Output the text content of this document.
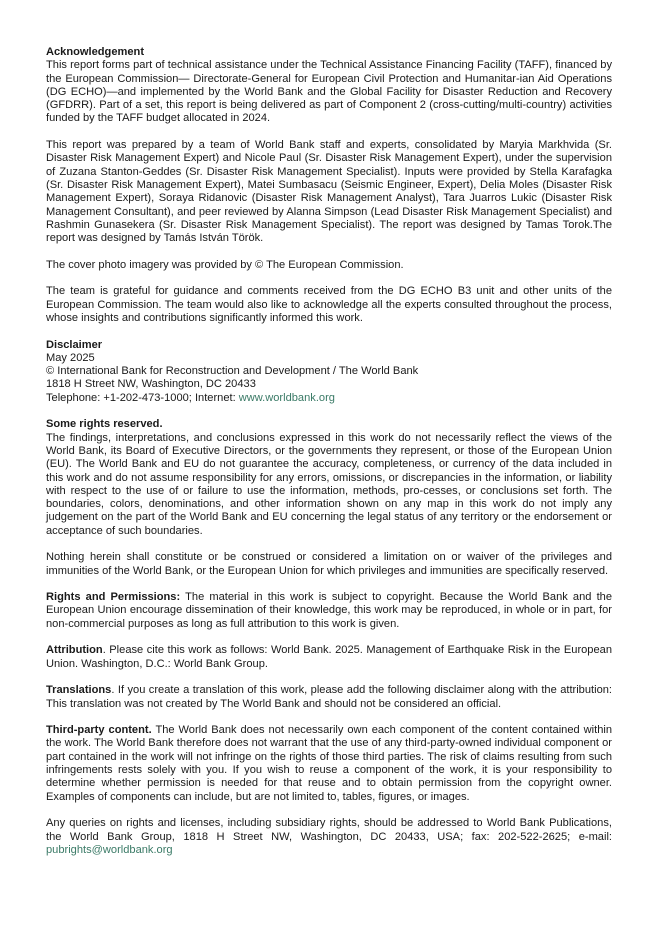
Acknowledgement

This report forms part of technical assistance under the Technical Assistance Financing Facility (TAFF), financed by the European Commission— Directorate-General for European Civil Protection and Humanitar-ian Aid Operations (DG ECHO)—and implemented by the World Bank and the Global Facility for Disaster Reduction and Recovery (GFDRR). Part of a set, this report is being delivered as part of Component 2 (cross-cutting/multi-country) activities funded by the TAFF budget allocated in 2024.

This report was prepared by a team of World Bank staff and experts, consolidated by Maryia Markhvida (Sr. Disaster Risk Management Expert) and Nicole Paul (Sr. Disaster Risk Management Expert), under the supervision of Zuzana Stanton-Geddes (Sr. Disaster Risk Management Specialist). Inputs were provided by Stella Karafagka (Sr. Disaster Risk Management Expert), Matei Sumbasacu (Seismic Engineer, Expert), Delia Moles (Disaster Risk Management Expert), Soraya Ridanovic (Disaster Risk Management Analyst), Tara Juarros Lukic (Disaster Risk Management Consultant), and peer reviewed by Alanna Simpson (Lead Disaster Risk Management Specialist) and Rashmin Gunasekera (Sr. Disaster Risk Management Specialist). The report was designed by Tamas Torok.The report was designed by Tamás István Török.

The cover photo imagery was provided by © The European Commission.

The team is grateful for guidance and comments received from the DG ECHO B3 unit and other units of the European Commission. The team would also like to acknowledge all the experts consulted throughout the process, whose insights and contributions significantly informed this work.

Disclaimer
May 2025
© International Bank for Reconstruction and Development / The World Bank
1818 H Street NW, Washington, DC 20433
Telephone: +1-202-473-1000; Internet: www.worldbank.org
Some rights reserved.

The findings, interpretations, and conclusions expressed in this work do not necessarily reflect the views of the World Bank, its Board of Executive Directors, or the governments they represent, or those of the European Union (EU). The World Bank and EU do not guarantee the accuracy, completeness, or currency of the data included in this work and do not assume responsibility for any errors, omissions, or discrepancies in the information, or liability with respect to the use of or failure to use the information, methods, pro-cesses, or conclusions set forth. The boundaries, colors, denominations, and other information shown on any map in this work do not imply any judgement on the part of the World Bank and EU concerning the legal status of any territory or the endorsement or acceptance of such boundaries.

Nothing herein shall constitute or be construed or considered a limitation on or waiver of the privileges and immunities of the World Bank, or the European Union for which privileges and immunities are specifically reserved.

Rights and Permissions: The material in this work is subject to copyright. Because the World Bank and the European Union encourage dissemination of their knowledge, this work may be reproduced, in whole or in part, for non-commercial purposes as long as full attribution to this work is given.

Attribution. Please cite this work as follows: World Bank. 2025. Management of Earthquake Risk in the European Union. Washington, D.C.: World Bank Group.

Translations. If you create a translation of this work, please add the following disclaimer along with the attribution: This translation was not created by The World Bank and should not be considered an official.

Third-party content. The World Bank does not necessarily own each component of the content contained within the work. The World Bank therefore does not warrant that the use of any third-party-owned individual component or part contained in the work will not infringe on the rights of those third parties. The risk of claims resulting from such infringements rests solely with you. If you wish to reuse a component of the work, it is your responsibility to determine whether permission is needed for that reuse and to obtain permission from the copyright owner. Examples of components can include, but are not limited to, tables, figures, or images.

Any queries on rights and licenses, including subsidiary rights, should be addressed to World Bank Publications, the World Bank Group, 1818 H Street NW, Washington, DC 20433, USA; fax: 202-522-2625; e-mail: pubrights@worldbank.org
